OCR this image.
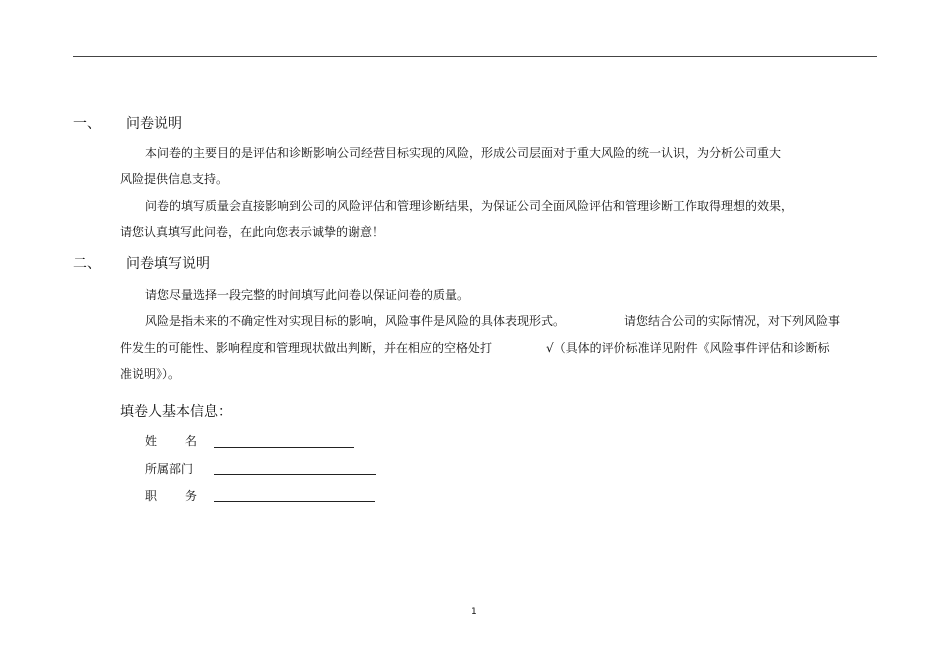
一、 问卷说明
本问卷的主要目的是评估和诊断影响公司经营目标实现的风险，形成公司层面对于重大风险的统一认识，为分析公司重大
风险提供信息支持。
问卷的填写质量会直接影响到公司的风险评估和管理诊断结果，为保证公司全面风险评估和管理诊断工作取得理想的效果，
请您认真填写此问卷，在此向您表示诚挚的谢意！
二、 问卷填写说明
请您尽量选择一段完整的时间填写此问卷以保证问卷的质量。
风险是指未来的不确定性对实现目标的影响，风险事件是风险的具体表现形式。	请您结合公司的实际情况，对下列风险事
件发生的可能性、影响程度和管理现状做出判断，并在相应的空格处打	√（具体的评价标准详见附件《风险事件评估和诊断标
准说明》）。
填卷人基本信息：
姓 名
所属部门
职 务
1
